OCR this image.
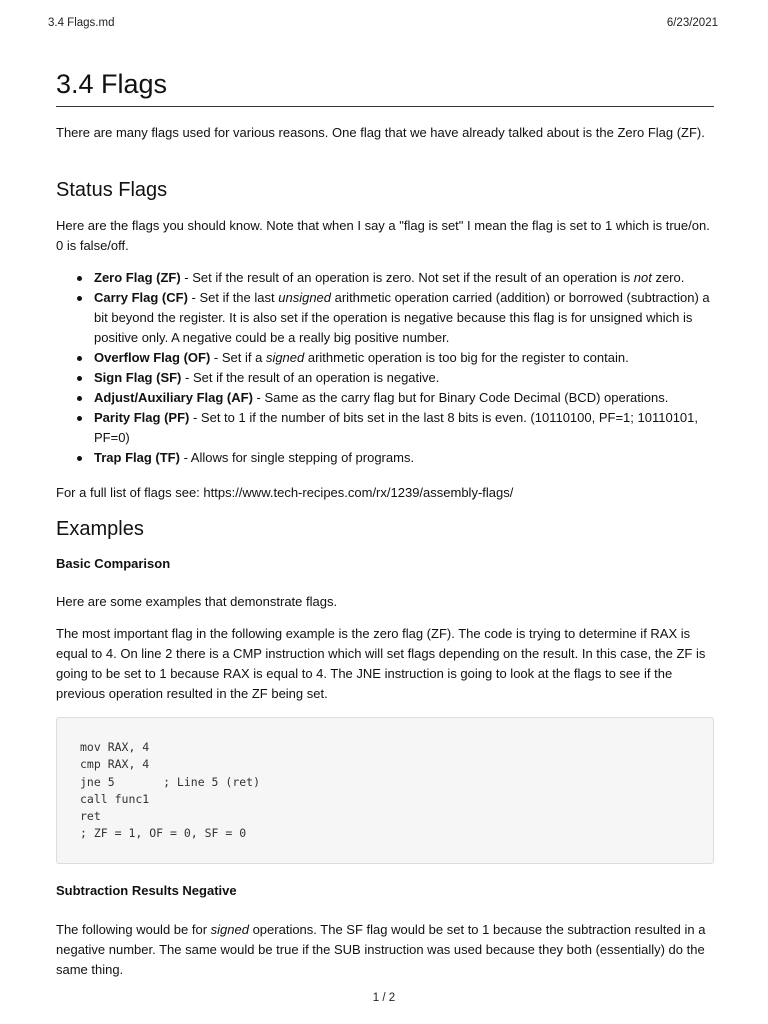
3.4 Flags.md	6/23/2021
3.4 Flags

There are many flags used for various reasons. One flag that we have already talked about is the Zero Flag (ZF).

Status Flags

Here are the flags you should know. Note that when I say a "flag is set" I mean the flag is set to 1 which is true/on. 0 is false/off.

Zero Flag (ZF) - Set if the result of an operation is zero. Not set if the result of an operation is not zero.
Carry Flag (CF) - Set if the last unsigned arithmetic operation carried (addition) or borrowed (subtraction) a bit beyond the register. It is also set if the operation is negative because this flag is for unsigned which is positive only. A negative could be a really big positive number.
Overflow Flag (OF) - Set if a signed arithmetic operation is too big for the register to contain.
Sign Flag (SF) - Set if the result of an operation is negative.
Adjust/Auxiliary Flag (AF) - Same as the carry flag but for Binary Code Decimal (BCD) operations.
Parity Flag (PF) - Set to 1 if the number of bits set in the last 8 bits is even. (10110100, PF=1; 10110101, PF=0)
Trap Flag (TF) - Allows for single stepping of programs.

For a full list of flags see: https://www.tech-recipes.com/rx/1239/assembly-flags/

Examples
Basic Comparison

Here are some examples that demonstrate flags.

The most important flag in the following example is the zero flag (ZF). The code is trying to determine if RAX is equal to 4. On line 2 there is a CMP instruction which will set flags depending on the result. In this case, the ZF is going to be set to 1 because RAX is equal to 4. The JNE instruction is going to look at the flags to see if the previous operation resulted in the ZF being set.

mov RAX, 4
cmp RAX, 4
jne 5       ; Line 5 (ret)
call func1
ret
; ZF = 1, OF = 0, SF = 0
Subtraction Results Negative

The following would be for signed operations. The SF flag would be set to 1 because the subtraction resulted in a negative number. The same would be true if the SUB instruction was used because they both (essentially) do the same thing.

1 / 2
